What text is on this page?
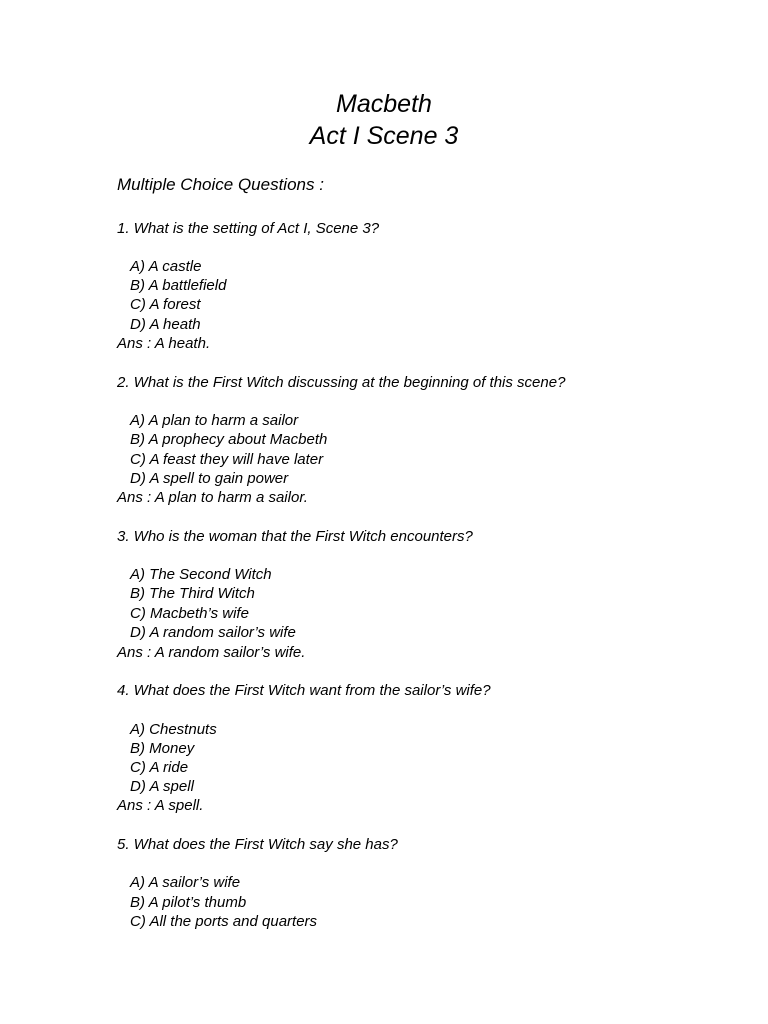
Macbeth
Act I Scene 3
Multiple Choice Questions :
1. What is the setting of Act I, Scene 3?
A) A castle
B) A battlefield
C) A forest
D) A heath
Ans : A heath.
2. What is the First Witch discussing at the beginning of this scene?
A) A plan to harm a sailor
B) A prophecy about Macbeth
C) A feast they will have later
D) A spell to gain power
Ans : A plan to harm a sailor.
3. Who is the woman that the First Witch encounters?
A) The Second Witch
B) The Third Witch
C) Macbeth’s wife
D) A random sailor’s wife
Ans : A random sailor’s wife.
4. What does the First Witch want from the sailor’s wife?
A) Chestnuts
B) Money
C) A ride
D) A spell
Ans : A spell.
5. What does the First Witch say she has?
A) A sailor’s wife
B) A pilot’s thumb
C) All the ports and quarters
